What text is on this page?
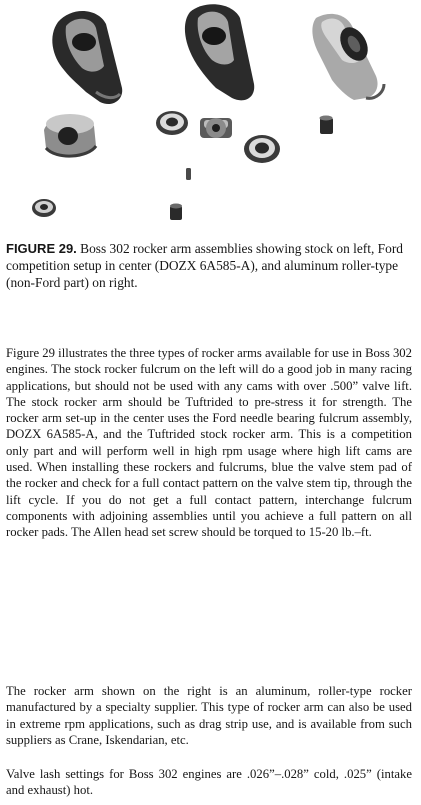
FIGURE 29. Boss 302 rocker arm assemblies showing stock on left, Ford competition setup in center (DOZX 6A585-A), and aluminum roller-type (non-Ford part) on right.

Figure 29 illustrates the three types of rocker arms available for use in Boss 302 engines. The stock rocker fulcrum on the left will do a good job in many racing applications, but should not be used with any cams with over .500” valve lift. The stock rocker arm should be Tuftrided to pre-stress it for strength. The rocker arm set-up in the center uses the Ford needle bearing fulcrum assembly, DOZX 6A585-A, and the Tuftrided stock rocker arm. This is a competition only part and will perform well in high rpm usage where high lift cams are used. When installing these rockers and fulcrums, blue the valve stem pad of the rocker and check for a full contact pattern on the valve stem tip, through the lift cycle. If you do not get a full contact pattern, interchange fulcrum components with adjoining assemblies until you achieve a full pattern on all rocker pads. The Allen head set screw should be torqued to 15-20 lb.–ft.

The rocker arm shown on the right is an aluminum, roller-type rocker manufactured by a specialty supplier. This type of rocker arm can also be used in extreme rpm applications, such as drag strip use, and is available from such suppliers as Crane, Iskendarian, etc.

Valve lash settings for Boss 302 engines are .026”–.028” cold, .025” (intake and exhaust) hot.
